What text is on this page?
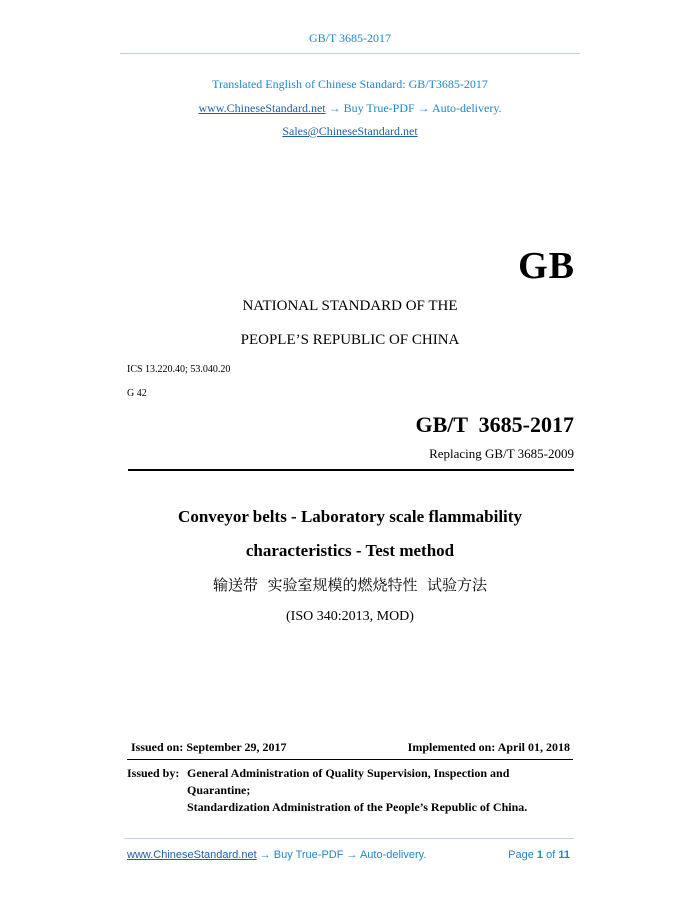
GB/T 3685-2017
Translated English of Chinese Standard: GB/T3685-2017
www.ChineseStandard.net → Buy True-PDF → Auto-delivery.
Sales@ChineseStandard.net
GB
NATIONAL STANDARD OF THE
PEOPLE’S REPUBLIC OF CHINA
ICS 13.220.40; 53.040.20
G 42
GB/T  3685-2017
Replacing GB/T 3685-2009
Conveyor belts - Laboratory scale flammability
characteristics - Test method
输送带  实验室规模的燃烧特性  试验方法
(ISO 340:2013, MOD)
Issued on: September 29, 2017	Implemented on: April 01, 2018
Issued by: General Administration of Quality Supervision, Inspection and
Quarantine;
Standardization Administration of the People’s Republic of China.
www.ChineseStandard.net → Buy True-PDF → Auto-delivery.	Page 1 of 11
